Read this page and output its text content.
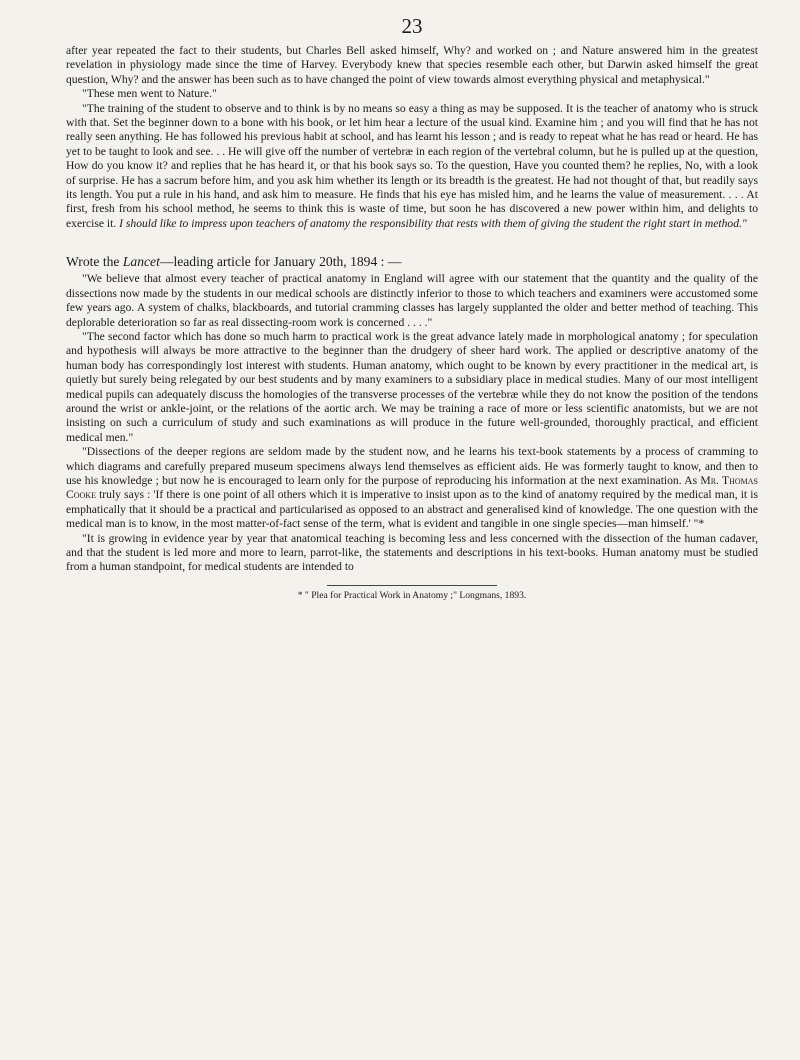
23

after year repeated the fact to their students, but Charles Bell asked himself, Why? and worked on ; and Nature answered him in the greatest revelation in physiology made since the time of Harvey. Everybody knew that species resemble each other, but Darwin asked himself the great question, Why? and the answer has been such as to have changed the point of view towards almost everything physical and metaphysical."

"These men went to Nature."

"The training of the student to observe and to think is by no means so easy a thing as may be supposed. It is the teacher of anatomy who is struck with that. Set the beginner down to a bone with his book, or let him hear a lecture of the usual kind. Examine him ; and you will find that he has not really seen anything. He has followed his previous habit at school, and has learnt his lesson ; and is ready to repeat what he has read or heard. He has yet to be taught to look and see. . . He will give off the number of vertebræ in each region of the vertebral column, but he is pulled up at the question, How do you know it? and replies that he has heard it, or that his book says so. To the question, Have you counted them? he replies, No, with a look of surprise. He has a sacrum before him, and you ask him whether its length or its breadth is the greatest. He had not thought of that, but readily says its length. You put a rule in his hand, and ask him to measure. He finds that his eye has misled him, and he learns the value of measurement. . . . At first, fresh from his school method, he seems to think this is waste of time, but soon he has discovered a new power within him, and delights to exercise it. I should like to impress upon teachers of anatomy the responsibility that rests with them of giving the student the right start in method."

Wrote the Lancet—leading article for January 20th, 1894 : —

"We believe that almost every teacher of practical anatomy in England will agree with our statement that the quantity and the quality of the dissections now made by the students in our medical schools are distinctly inferior to those to which teachers and examiners were accustomed some few years ago. A system of chalks, blackboards, and tutorial cramming classes has largely supplanted the older and better method of teaching. This deplorable deterioration so far as real dissecting-room work is concerned . . . ."

"The second factor which has done so much harm to practical work is the great advance lately made in morphological anatomy ; for speculation and hypothesis will always be more attractive to the beginner than the drudgery of sheer hard work. The applied or descriptive anatomy of the human body has correspondingly lost interest with students. Human anatomy, which ought to be known by every practitioner in the medical art, is quietly but surely being relegated by our best students and by many examiners to a subsidiary place in medical studies. Many of our most intelligent medical pupils can adequately discuss the homologies of the transverse processes of the vertebræ while they do not know the position of the tendons around the wrist or ankle-joint, or the relations of the aortic arch. We may be training a race of more or less scientific anatomists, but we are not insisting on such a curriculum of study and such examinations as will produce in the future well-grounded, thoroughly practical, and efficient medical men."

"Dissections of the deeper regions are seldom made by the student now, and he learns his text-book statements by a process of cramming to which diagrams and carefully prepared museum specimens always lend themselves as efficient aids. He was formerly taught to know, and then to use his knowledge ; but now he is encouraged to learn only for the purpose of reproducing his information at the next examination. As Mr. Thomas Cooke truly says : 'If there is one point of all others which it is imperative to insist upon as to the kind of anatomy required by the medical man, it is emphatically that it should be a practical and particularised as opposed to an abstract and generalised kind of knowledge. The one question with the medical man is to know, in the most matter-of-fact sense of the term, what is evident and tangible in one single species—man himself.' "*

"It is growing in evidence year by year that anatomical teaching is becoming less and less concerned with the dissection of the human cadaver, and that the student is led more and more to learn, parrot-like, the statements and descriptions in his text-books. Human anatomy must be studied from a human standpoint, for medical students are intended to

* " Plea for Practical Work in Anatomy ;" Longmans, 1893.
